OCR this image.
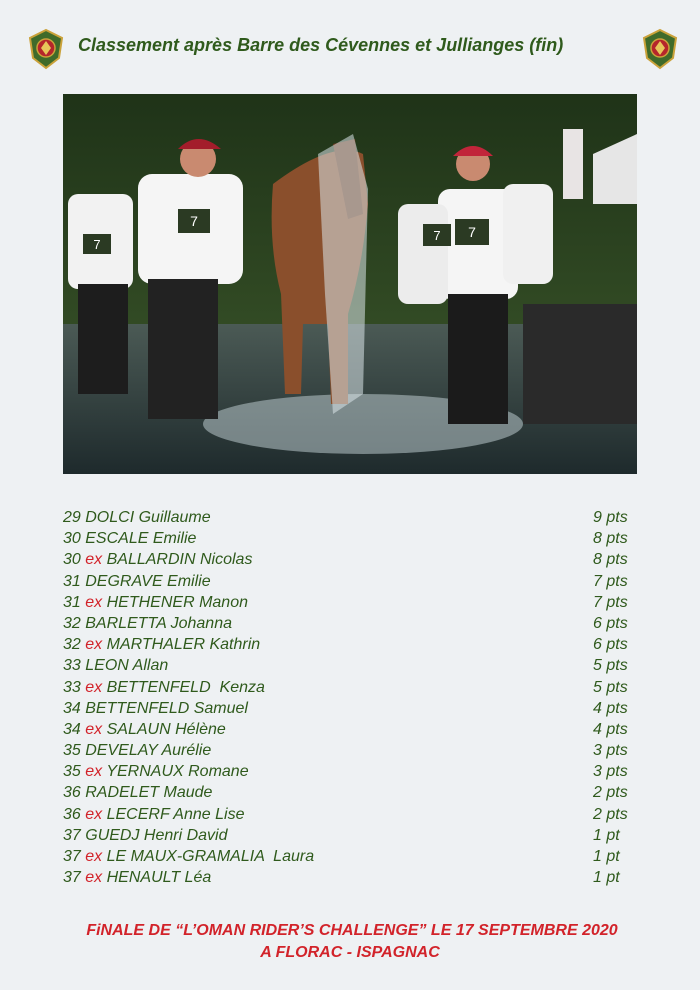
Classement après Barre des Cévennes et Jullianges (fin)
7
7
7 7
29 DOLCI Guillaume	9 pts
30 ESCALE Emilie	8 pts
30 ex BALLARDIN Nicolas	8 pts
31 DEGRAVE Emilie	7 pts
31 ex HETHENER Manon	7 pts
32 BARLETTA Johanna	6 pts
32 ex MARTHALER Kathrin	6 pts
33 LEON Allan	5 pts
33 ex BETTENFELD  Kenza	5 pts
34 BETTENFELD Samuel	4 pts
34 ex SALAUN Hélène	4 pts
35 DEVELAY Aurélie	3 pts
35 ex YERNAUX Romane	3 pts
36 RADELET Maude	2 pts
36 ex LECERF Anne Lise	2 pts
37 GUEDJ Henri David	1 pt
37 ex LE MAUX-GRAMALIA  Laura	1 pt
37 ex HENAULT Léa	1 pt
FiNALE DE “L’OMAN RIDER’S CHALLENGE” LE 17 SEPTEMBRE 2020
A FLORAC - ISPAGNAC
